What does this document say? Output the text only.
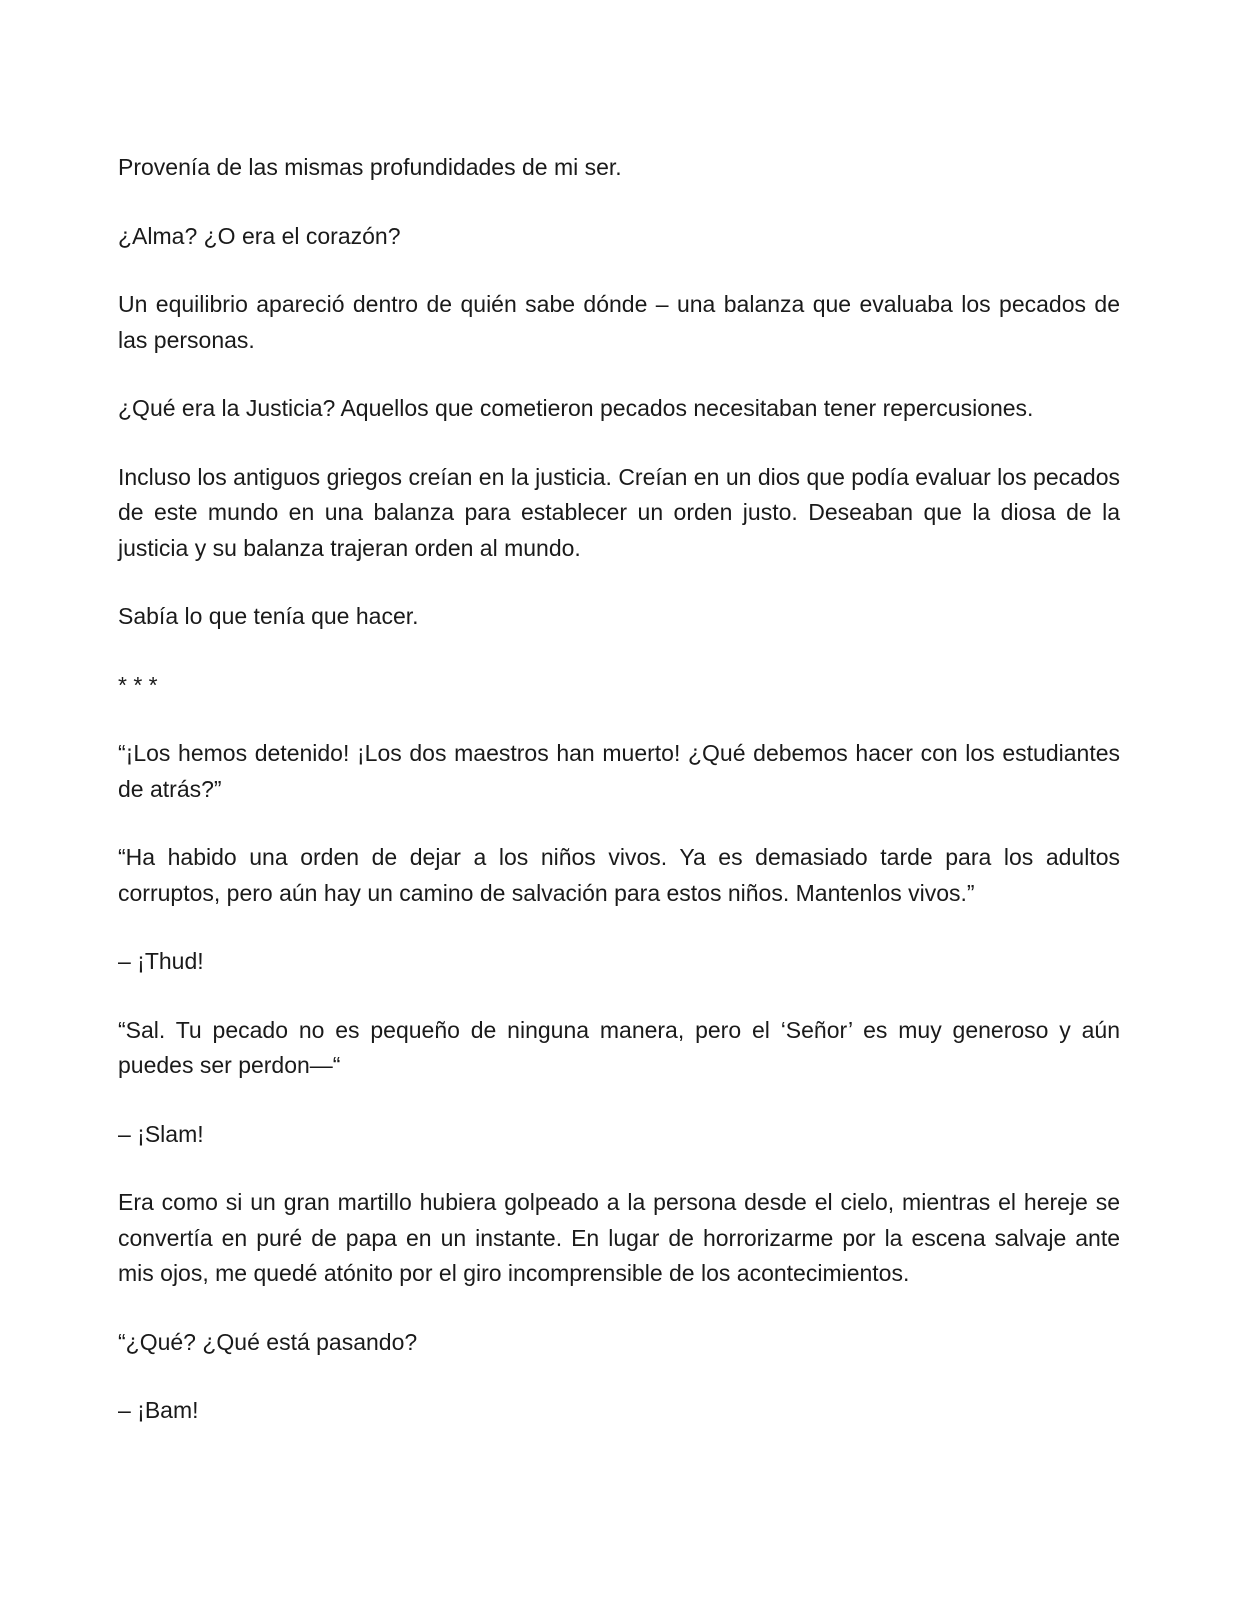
Provenía de las mismas profundidades de mi ser.

¿Alma? ¿O era el corazón?

Un equilibrio apareció dentro de quién sabe dónde – una balanza que evaluaba los pecados de las personas.

¿Qué era la Justicia? Aquellos que cometieron pecados necesitaban tener repercusiones.

Incluso los antiguos griegos creían en la justicia. Creían en un dios que podía evaluar los pecados de este mundo en una balanza para establecer un orden justo. Deseaban que la diosa de la justicia y su balanza trajeran orden al mundo.

Sabía lo que tenía que hacer.

* * *

“¡Los hemos detenido! ¡Los dos maestros han muerto! ¿Qué debemos hacer con los estudiantes de atrás?”

“Ha habido una orden de dejar a los niños vivos. Ya es demasiado tarde para los adultos corruptos, pero aún hay un camino de salvación para estos niños. Mantenlos vivos.”

– ¡Thud!

“Sal. Tu pecado no es pequeño de ninguna manera, pero el ‘Señor’ es muy generoso y aún puedes ser perdon—“

– ¡Slam!

Era como si un gran martillo hubiera golpeado a la persona desde el cielo, mientras el hereje se convertía en puré de papa en un instante. En lugar de horrorizarme por la escena salvaje ante mis ojos, me quedé atónito por el giro incomprensible de los acontecimientos.

“¿Qué? ¿Qué está pasando?

– ¡Bam!
